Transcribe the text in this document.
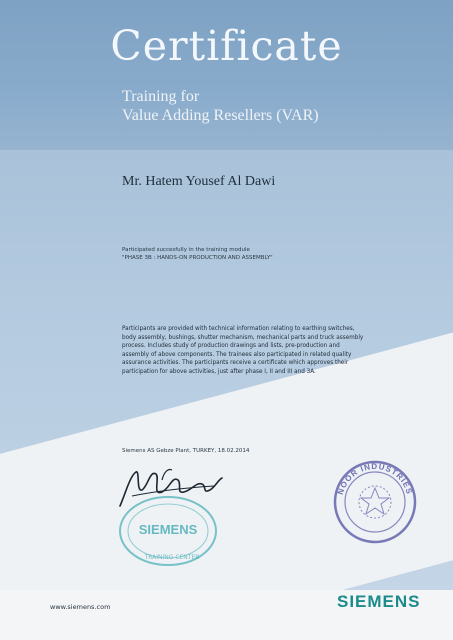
Certificate
Training for
Value Adding Resellers (VAR)
Mr. Hatem Yousef Al Dawi
Participated succesfully in the training module
"PHASE 3B : HANDS-ON PRODUCTION AND ASSEMBLY"
Participants are provided with technical information relating to earthing switches,
body assembly, bushings, shutter mechanism, mechanical parts and truck assembly
process. Includes study of production drawings and lists, pre-production and
assembly of above components. The trainees also participated in related quality
assurance activities. The participants receive a certificate which approves their
participation for above activities, just after phase I, II and III and 3A.
Siemens AS Gebze Plant, TURKEY, 18.02.2014
SIEMENS
TRAINING CENTER
NOOR INDUSTRIES
www.siemens.com	SIEMENS
